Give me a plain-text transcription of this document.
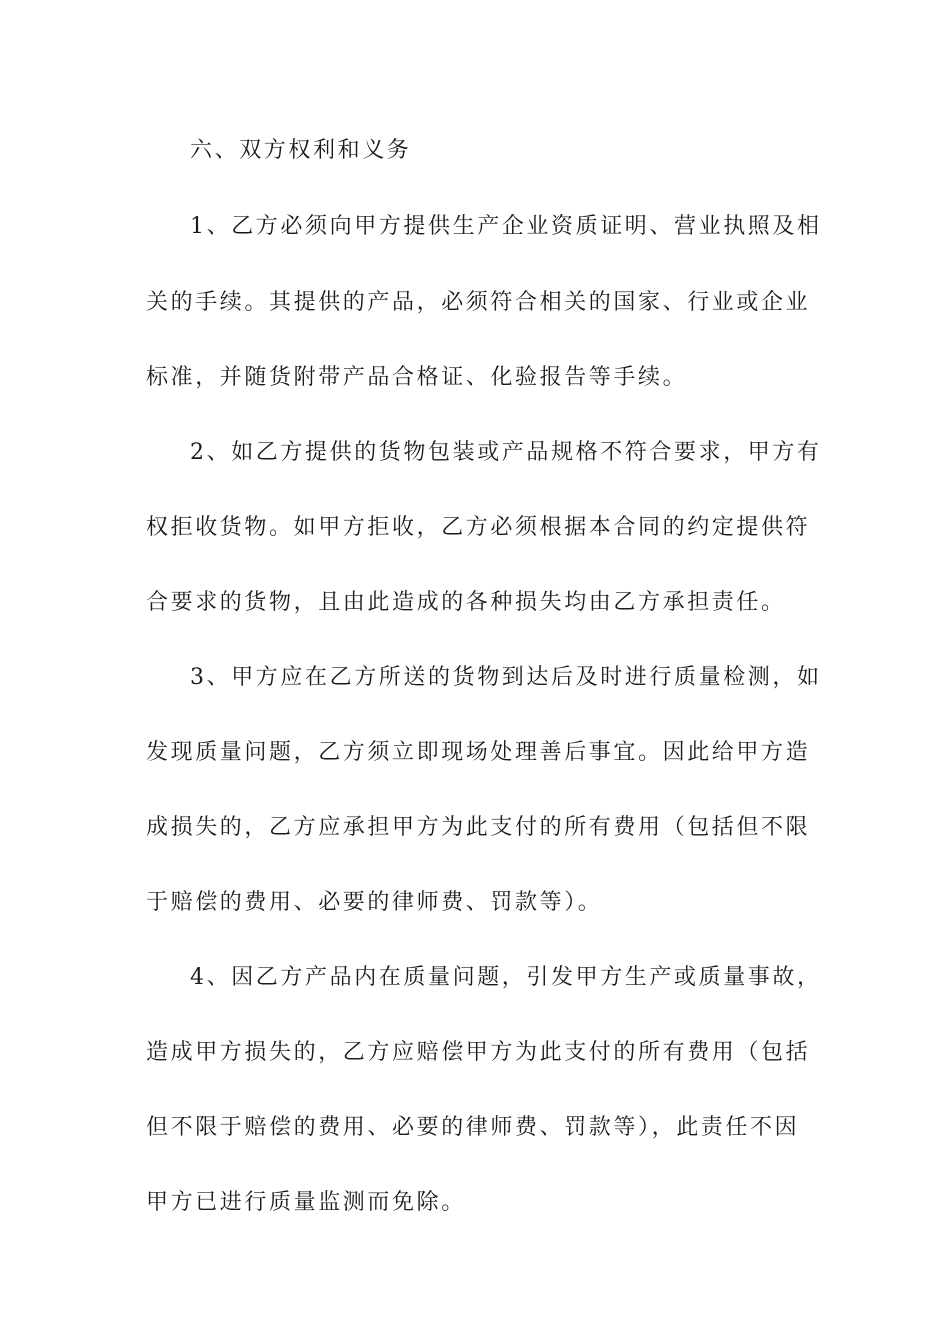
六、双方权利和义务
1、乙方必须向甲方提供生产企业资质证明、营业执照及相
关的手续。其提供的产品，必须符合相关的国家、行业或企业
标准，并随货附带产品合格证、化验报告等手续。
2、如乙方提供的货物包装或产品规格不符合要求，甲方有
权拒收货物。如甲方拒收，乙方必须根据本合同的约定提供符
合要求的货物，且由此造成的各种损失均由乙方承担责任。
3、甲方应在乙方所送的货物到达后及时进行质量检测，如
发现质量问题，乙方须立即现场处理善后事宜。因此给甲方造
成损失的，乙方应承担甲方为此支付的所有费用（包括但不限
于赔偿的费用、必要的律师费、罚款等）。
4、因乙方产品内在质量问题，引发甲方生产或质量事故，
造成甲方损失的，乙方应赔偿甲方为此支付的所有费用（包括
但不限于赔偿的费用、必要的律师费、罚款等），此责任不因
甲方已进行质量监测而免除。
